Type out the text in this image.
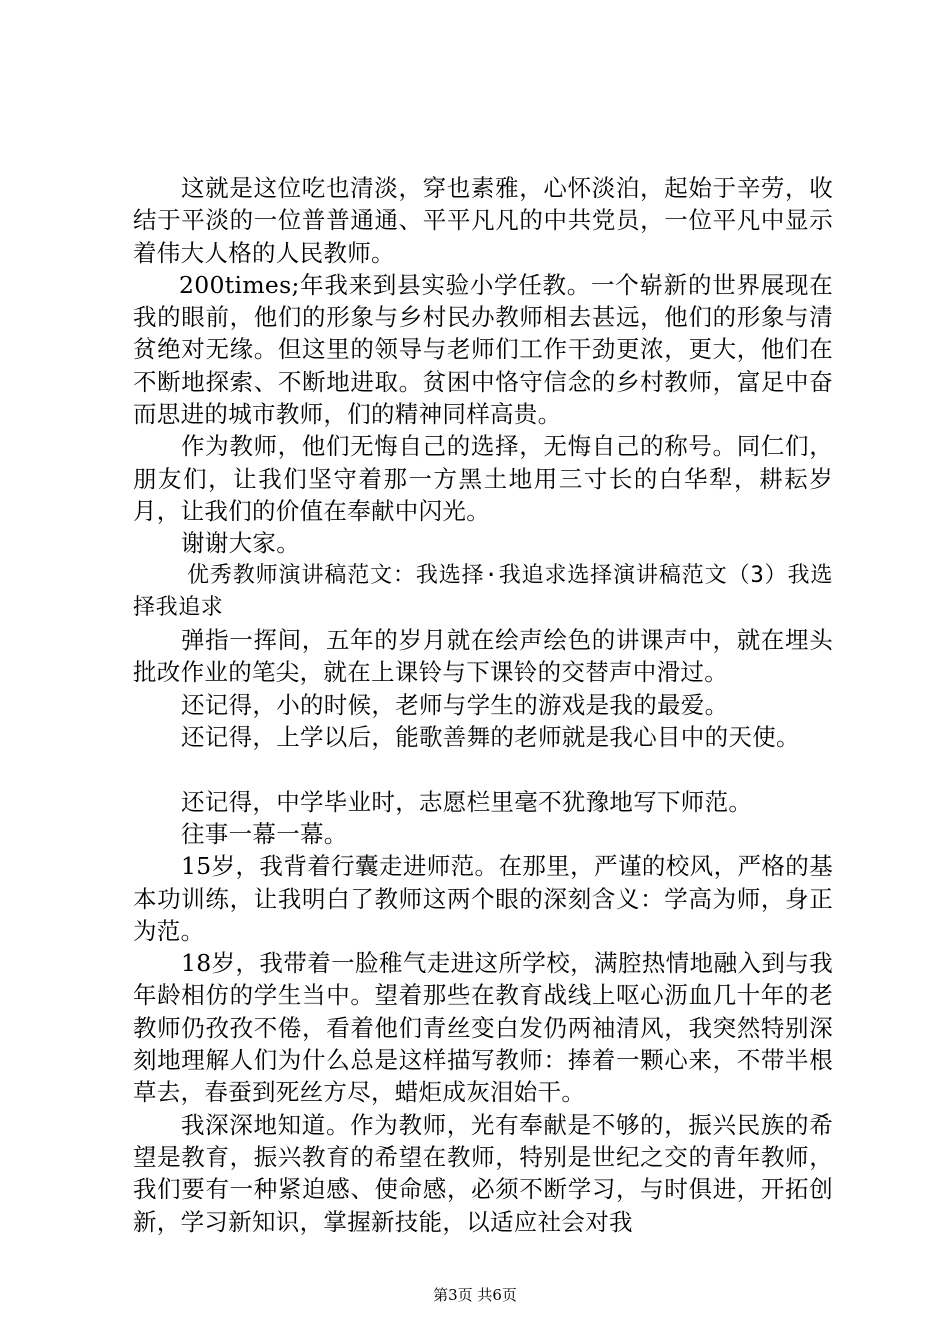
这就是这位吃也清淡，穿也素雅，心怀淡泊，起始于辛劳，收结于平淡的一位普普通通、平平凡凡的中共党员，一位平凡中显示着伟大人格的人民教师。

200times;年我来到县实验小学任教。一个崭新的世界展现在我的眼前，他们的形象与乡村民办教师相去甚远，他们的形象与清贫绝对无缘。但这里的领导与老师们工作干劲更浓，更大，他们在不断地探索、不断地进取。贫困中恪守信念的乡村教师，富足中奋而思进的城市教师，们的精神同样高贵。

作为教师，他们无悔自己的选择，无悔自己的称号。同仁们，朋友们，让我们坚守着那一方黑土地用三寸长的白华犁，耕耘岁月，让我们的价值在奉献中闪光。

谢谢大家。

优秀教师演讲稿范文：我选择·我追求选择演讲稿范文（3）我选择我追求

弹指一挥间，五年的岁月就在绘声绘色的讲课声中，就在埋头批改作业的笔尖，就在上课铃与下课铃的交替声中滑过。

还记得，小的时候，老师与学生的游戏是我的最爱。

还记得，上学以后，能歌善舞的老师就是我心目中的天使。

还记得，中学毕业时，志愿栏里毫不犹豫地写下师范。

往事一幕一幕。

15岁，我背着行囊走进师范。在那里，严谨的校风，严格的基本功训练，让我明白了教师这两个眼的深刻含义：学高为师，身正为范。

18岁，我带着一脸稚气走进这所学校，满腔热情地融入到与我年龄相仿的学生当中。望着那些在教育战线上呕心沥血几十年的老教师仍孜孜不倦，看着他们青丝变白发仍两袖清风，我突然特别深刻地理解人们为什么总是这样描写教师：捧着一颗心来，不带半根草去，春蚕到死丝方尽，蜡炬成灰泪始干。

我深深地知道。作为教师，光有奉献是不够的，振兴民族的希望是教育，振兴教育的希望在教师，特别是世纪之交的青年教师，我们要有一种紧迫感、使命感，必须不断学习，与时俱进，开拓创新，学习新知识，掌握新技能，以适应社会对我

第3页 共6页
